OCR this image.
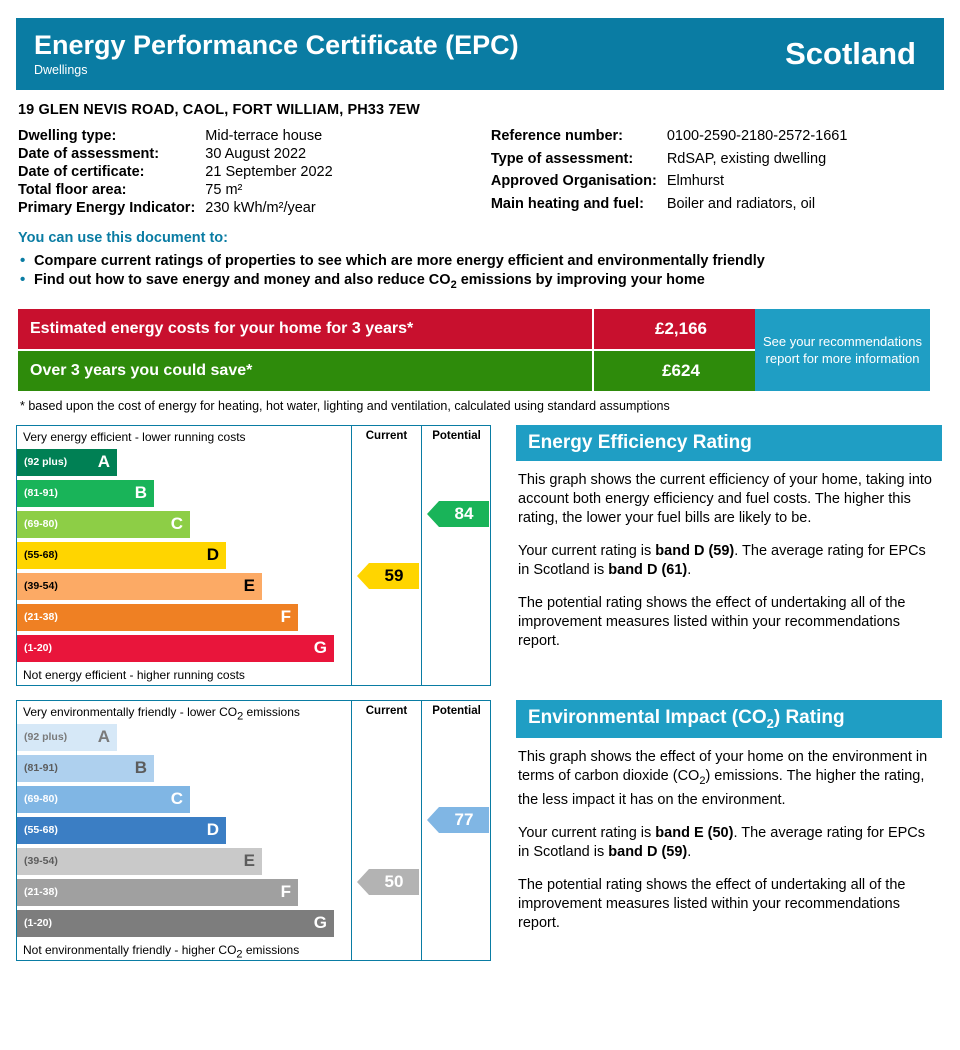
Energy Performance Certificate (EPC)
Dwellings	Scotland
19 GLEN NEVIS ROAD, CAOL, FORT WILLIAM, PH33 7EW
Dwelling type:	Mid-terrace house
Date of assessment:	30 August 2022
Date of certificate:	21 September 2022
Total floor area:	75 m²
Primary Energy Indicator: 230 kWh/m²/year
Reference number:	0100-2590-2180-2572-1661
Type of assessment:	RdSAP, existing dwelling
Approved Organisation: Elmhurst
Main heating and fuel:	Boiler and radiators, oil
You can use this document to:
• Compare current ratings of properties to see which are more energy efficient and environmentally friendly
• Find out how to save energy and money and also reduce $CO_2$ emissions by improving your home
Estimated energy costs for your home for 3 years*	£2,166
Over 3 years you could save*	£624
See your recommendations report for more information
* based upon the cost of energy for heating, hot water, lighting and ventilation, calculated using standard assumptions
Very energy efficient - lower running costs
(92 plus) A
(81-91)	B
(69-80)	C
(55-68)	D
(39-54)	E
(21-38)	F
(1-20)	G
Not energy efficient - higher running costs
Current	Potential
59
84
Energy Efficiency Rating

This graph shows the current efficiency of your home, taking into account both energy efficiency and fuel costs. The higher this rating, the lower your fuel bills are likely to be.

Your current rating is band D (59). The average rating for EPCs in Scotland is band D (61).

The potential rating shows the effect of undertaking all of the improvement measures listed within your recommendations report.

Very environmentally friendly - lower CO2 emissions
(92 plus) A
(81-91)	B
(69-80)	C
(55-68)	D
(39-54)	E
(21-38)	F
(1-20)	G
Not environmentally friendly - higher CO2 emissions
Current	Potential
50
77
Environmental Impact $(CO_2)$ Rating

This graph shows the effect of your home on the environment in terms of carbon dioxide $(CO_2)$ emissions. The higher the rating, the less impact it has on the environment.

Your current rating is band E (50). The average rating for EPCs in Scotland is band D (59).

The potential rating shows the effect of undertaking all of the improvement measures listed within your recommendations report.
